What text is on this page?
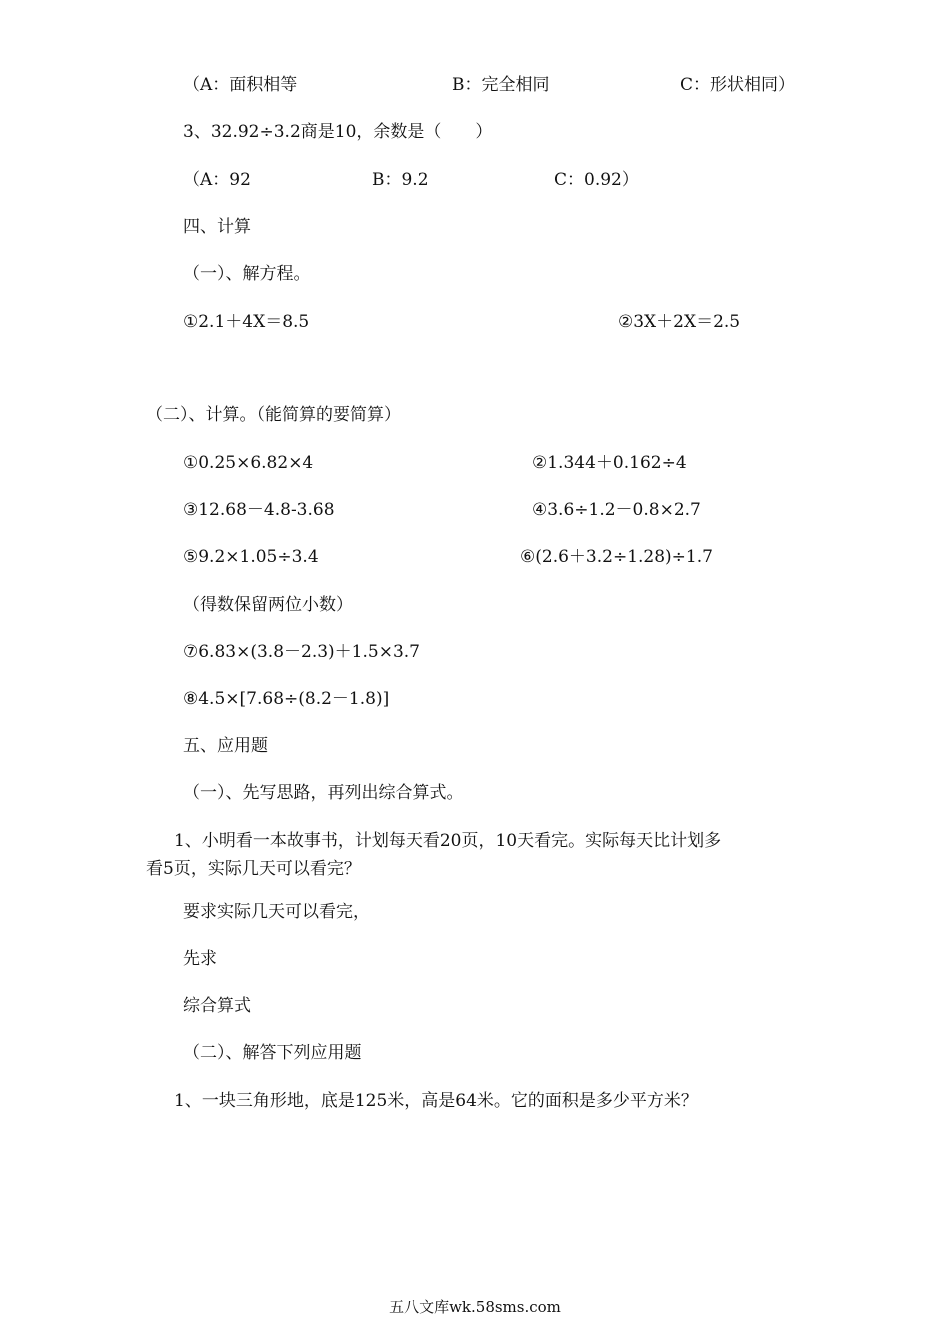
（A：面积相等	B：完全相同	C：形状相同）
3、32.92÷3.2商是10，余数是（　　）
（A：92	B：9.2	C：0.92）
四、计算
（一）、解方程。
①2.1＋4X＝8.5	②3X＋2X＝2.5
（二）、计算。（能简算的要简算）
①0.25×6.82×4	②1.344＋0.162÷4
③12.68－4.8-3.68	④3.6÷1.2－0.8×2.7
⑤9.2×1.05÷3.4	⑥(2.6＋3.2÷1.28)÷1.7
（得数保留两位小数）
⑦6.83×(3.8－2.3)＋1.5×3.7
⑧4.5×[7.68÷(8.2－1.8)]
五、应用题
（一）、先写思路，再列出综合算式。
1、小明看一本故事书，计划每天看20页，10天看完。实际每天比计划多
看5页，实际几天可以看完？
要求实际几天可以看完，
先求
综合算式
（二）、解答下列应用题
1、一块三角形地，底是125米，高是64米。它的面积是多少平方米？
五八文库wk.58sms.com
